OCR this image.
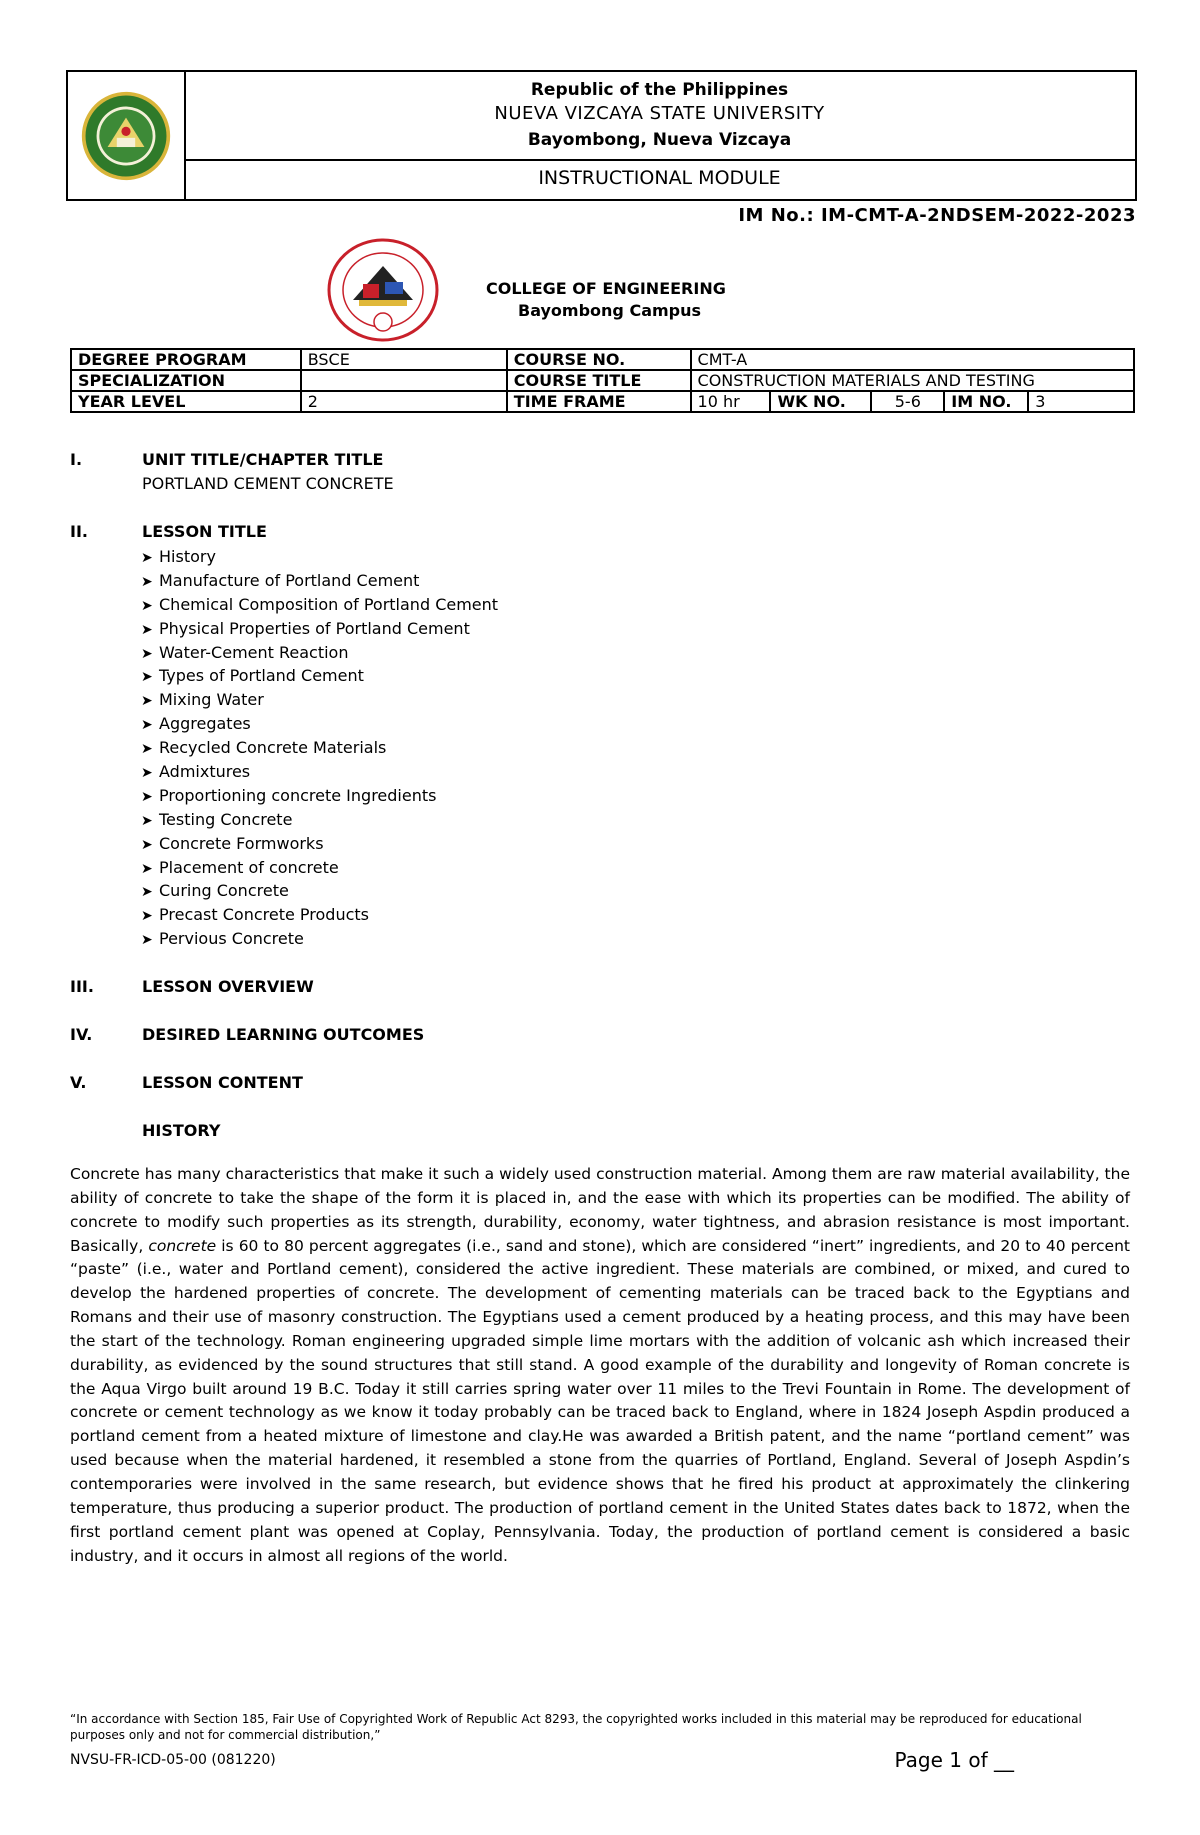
Republic of the Philippines
NUEVA VIZCAYA STATE UNIVERSITY
Bayombong, Nueva Vizcaya
INSTRUCTIONAL MODULE
IM No.: IM-CMT-A-2NDSEM-2022-2023
COLLEGE OF ENGINEERING
Bayombong Campus
DEGREE PROGRAM	BSCE	COURSE NO.	CMT-A				
SPECIALIZATION		COURSE TITLE	CONSTRUCTION MATERIALS AND TESTING				
YEAR LEVEL	2	TIME FRAME	10 hr	WK NO.	5-6	IM NO.	3
I.	UNIT TITLE/CHAPTER TITLE
PORTLAND CEMENT CONCRETE
II.	LESSON TITLE
➤ History
➤ Manufacture of Portland Cement
➤ Chemical Composition of Portland Cement
➤ Physical Properties of Portland Cement
➤ Water-Cement Reaction
➤ Types of Portland Cement
➤ Mixing Water
➤ Aggregates
➤ Recycled Concrete Materials
➤ Admixtures
➤ Proportioning concrete Ingredients
➤ Testing Concrete
➤ Concrete Formworks
➤ Placement of concrete
➤ Curing Concrete
➤ Precast Concrete Products
➤ Pervious Concrete
III.	LESSON OVERVIEW
IV.	DESIRED LEARNING OUTCOMES
V.	LESSON CONTENT
HISTORY

Concrete has many characteristics that make it such a widely used construction material. Among them are raw material availability, the ability of concrete to take the shape of the form it is placed in, and the ease with which its properties can be modified. The ability of concrete to modify such properties as its strength, durability, economy, water tightness, and abrasion resistance is most important. Basically, concrete is 60 to 80 percent aggregates (i.e., sand and stone), which are considered “inert” ingredients, and 20 to 40 percent “paste” (i.e., water and Portland cement), considered the active ingredient. These materials are combined, or mixed, and cured to develop the hardened properties of concrete. The development of cementing materials can be traced back to the Egyptians and Romans and their use of masonry construction. The Egyptians used a cement produced by a heating process, and this may have been the start of the technology. Roman engineering upgraded simple lime mortars with the addition of volcanic ash which increased their durability, as evidenced by the sound structures that still stand. A good example of the durability and longevity of Roman concrete is the Aqua Virgo built around 19 B.C. Today it still carries spring water over 11 miles to the Trevi Fountain in Rome. The development of concrete or cement technology as we know it today probably can be traced back to England, where in 1824 Joseph Aspdin produced a portland cement from a heated mixture of limestone and clay.He was awarded a British patent, and the name “portland cement” was used because when the material hardened, it resembled a stone from the quarries of Portland, England. Several of Joseph Aspdin’s contemporaries were involved in the same research, but evidence shows that he fired his product at approximately the clinkering temperature, thus producing a superior product. The production of portland cement in the United States dates back to 1872, when the first portland cement plant was opened at Coplay, Pennsylvania. Today, the production of portland cement is considered a basic industry, and it occurs in almost all regions of the world.

“In accordance with Section 185, Fair Use of Copyrighted Work of Republic Act 8293, the copyrighted works included in this material may be reproduced for educational purposes only and not for commercial distribution,”
NVSU-FR-ICD-05-00 (081220)	Page 1 of __
